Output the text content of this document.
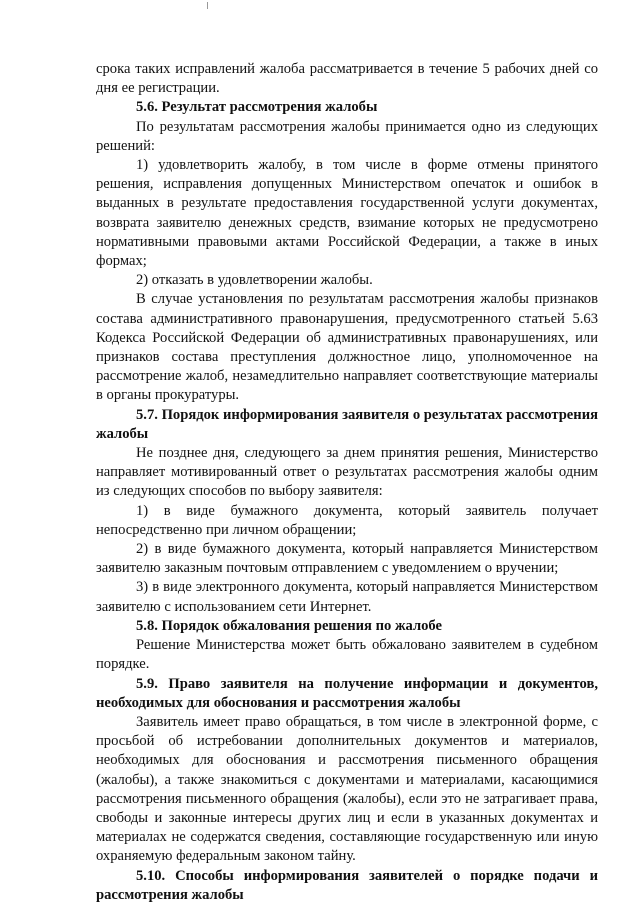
срока таких исправлений жалоба рассматривается в течение 5 рабочих дней со дня ее регистрации.

5.6. Результат рассмотрения жалобы

По результатам рассмотрения жалобы принимается одно из следующих решений:

1) удовлетворить жалобу, в том числе в форме отмены принятого решения, исправления допущенных Министерством опечаток и ошибок в выданных в результате предоставления государственной услуги документах, возврата заявителю денежных средств, взимание которых не предусмотрено нормативными правовыми актами Российской Федерации, а также в иных формах;

2) отказать в удовлетворении жалобы.

В случае установления по результатам рассмотрения жалобы признаков состава административного правонарушения, предусмотренного статьей 5.63 Кодекса Российской Федерации об административных правонарушениях, или признаков состава преступления должностное лицо, уполномоченное на рассмотрение жалоб, незамедлительно направляет соответствующие материалы в органы прокуратуры.

5.7. Порядок информирования заявителя о результатах рассмотрения жалобы

Не позднее дня, следующего за днем принятия решения, Министерство направляет мотивированный ответ о результатах рассмотрения жалобы одним из следующих способов по выбору заявителя:

1) в виде бумажного документа, который заявитель получает непосредственно при личном обращении;

2) в виде бумажного документа, который направляется Министерством заявителю заказным почтовым отправлением с уведомлением о вручении;

3) в виде электронного документа, который направляется Министерством заявителю с использованием сети Интернет.

5.8. Порядок обжалования решения по жалобе

Решение Министерства может быть обжаловано заявителем в судебном порядке.

5.9. Право заявителя на получение информации и документов, необходимых для обоснования и рассмотрения жалобы

Заявитель имеет право обращаться, в том числе в электронной форме, с просьбой об истребовании дополнительных документов и материалов, необходимых для обоснования и рассмотрения письменного обращения (жалобы), а также знакомиться с документами и материалами, касающимися рассмотрения письменного обращения (жалобы), если это не затрагивает права, свободы и законные интересы других лиц и если в указанных документах и материалах не содержатся сведения, составляющие государственную или иную охраняемую федеральным законом тайну.

5.10. Способы информирования заявителей о порядке подачи и рассмотрения жалобы
